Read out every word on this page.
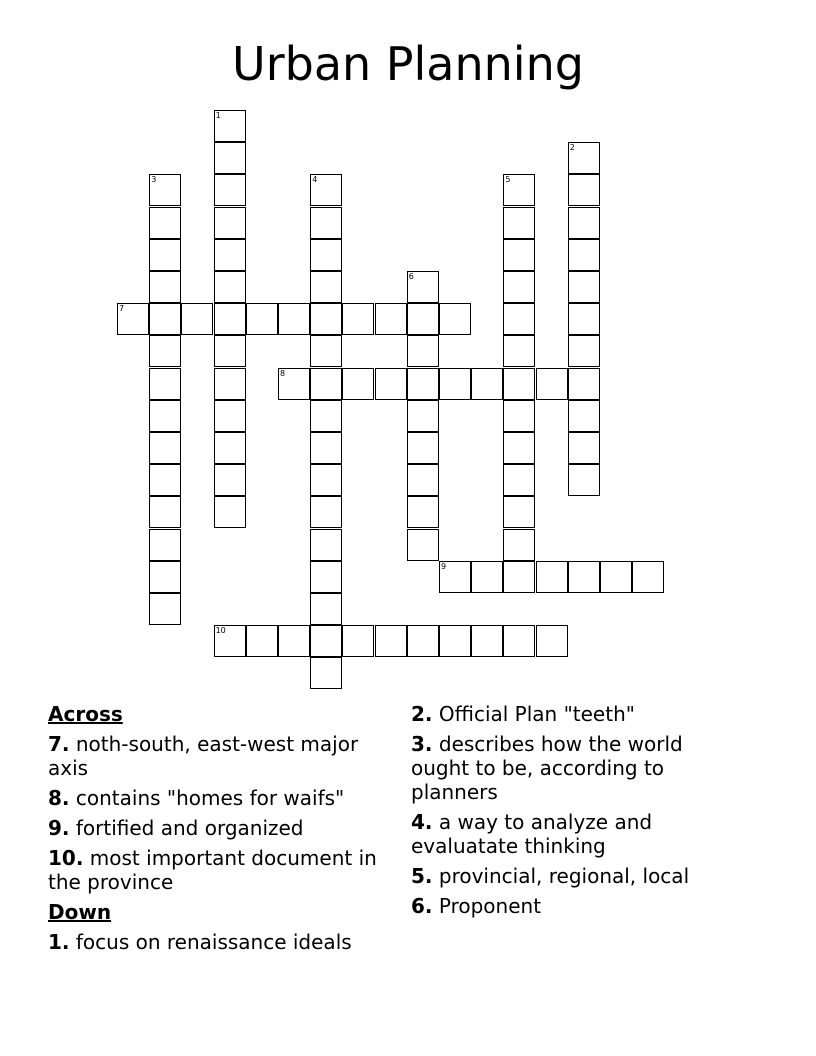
Urban Planning
1
2
3	4	5
6
7
8
9
10
Across
7. noth-south, east-west major axis
8. contains "homes for waifs"
9. fortified and organized
10. most important document in the province
Down
1. focus on renaissance ideals
2. Official Plan "teeth"
3. describes how the world ought to be, according to planners
4. a way to analyze and evaluatate thinking
5. provincial, regional, local
6. Proponent
